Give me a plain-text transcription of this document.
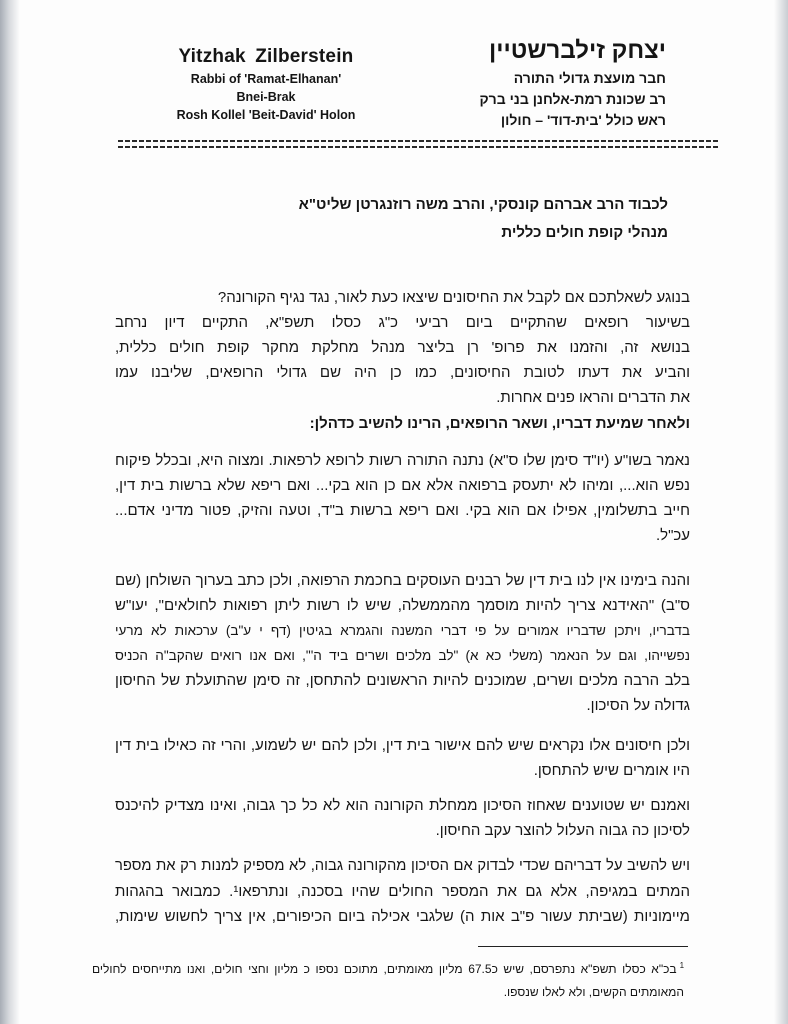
Yitzhak Zilberstein
Rabbi of 'Ramat-Elhanan'
Bnei-Brak
Rosh Kollel 'Beit-David' Holon
יצחק זילברשטיין
חבר מועצת גדולי התורה
רב שכונת רמת-אלחנן בני ברק
ראש כולל 'בית-דוד' – חולון
לכבוד הרב אברהם קונסקי, והרב משה רוזנגרטן שליט"א
מנהלי קופת חולים כללית
בנוגע לשאלתכם אם לקבל את החיסונים שיצאו כעת לאור, נגד נגיף הקורונה?
בשיעור רופאים שהתקיים ביום רביעי כ"ג כסלו תשפ"א, התקיים דיון נרחב
בנושא זה, והזמנו את פרופ' רן בליצר מנהל מחלקת מחקר קופת חולים כללית,
והביע את דעתו לטובת החיסונים, כמו כן היה שם גדולי הרופאים, שליבנו עמו
את הדברים והראו פנים אחרות.
ולאחר שמיעת דבריו, ושאר הרופאים, הרינו להשיב כדהלן:
נאמר בשו"ע (יו"ד סימן שלו ס"א) נתנה התורה רשות לרופא לרפאות. ומצוה היא, ובכלל פיקוח
נפש הוא..., ומיהו לא יתעסק ברפואה אלא אם כן הוא בקי... ואם ריפא שלא ברשות בית דין,
חייב בתשלומין, אפילו אם הוא בקי. ואם ריפא ברשות ב"ד, וטעה והזיק, פטור מדיני אדם...
עכ"ל.
והנה בימינו אין לנו בית דין של רבנים העוסקים בחכמת הרפואה, ולכן כתב בערוך השולחן (שם
ס"ב) "האידנא צריך להיות מוסמך מהממשלה, שיש לו רשות ליתן רפואות לחולאים", יעו"ש
בדבריו, ויתכן שדבריו אמורים על פי דברי המשנה והגמרא בגיטין (דף י ע"ב) ערכאות לא מרעי
נפשייהו, וגם על הנאמר (משלי כא א) "לב מלכים ושרים ביד ה'", ואם אנו רואים שהקב"ה הכניס
בלב הרבה מלכים ושרים, שמוכנים להיות הראשונים להתחסן, זה סימן שהתועלת של החיסון
גדולה על הסיכון.
ולכן חיסונים אלו נקראים שיש להם אישור בית דין, ולכן להם יש לשמוע, והרי זה כאילו בית דין
היו אומרים שיש להתחסן.
ואמנם יש שטוענים שאחוז הסיכון ממחלת הקורונה הוא לא כל כך גבוה, ואינו מצדיק להיכנס
לסיכון כה גבוה העלול להוצר עקב החיסון.
ויש להשיב על דבריהם שכדי לבדוק אם הסיכון מהקורונה גבוה, לא מספיק למנות רק את מספר
המתים במגיפה, אלא גם את המספר החולים שהיו בסכנה, ונתרפאו¹. כמבואר בהגהות
מיימוניות (שביתת עשור פ"ב אות ה) שלגבי אכילה ביום הכיפורים, אין צריך לחשוש שימות,
$^1$בכ"א כסלו תשפ"א נתפרסם, שיש כ67.5 מליון מאומתים, מתוכם נספו כ מליון וחצי חולים, ואנו מתייחסים לחולים
המאומתים הקשים, ולא לאלו שנספו.
